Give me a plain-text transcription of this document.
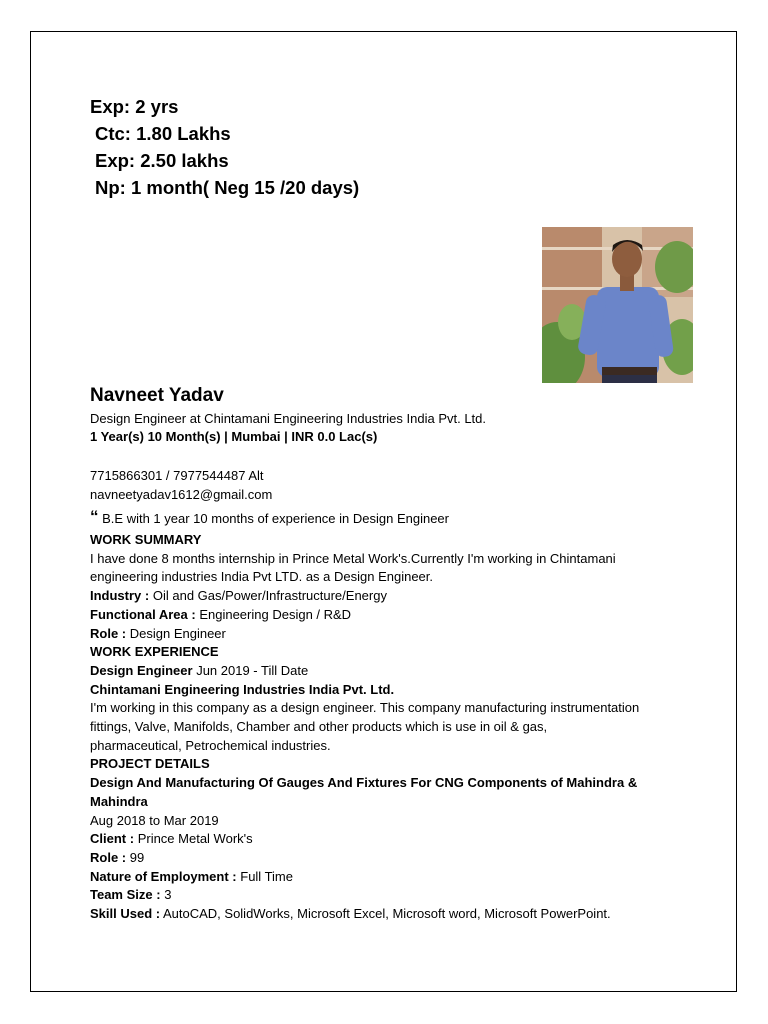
Exp: 2 yrs
Ctc: 1.80 Lakhs
Exp: 2.50 lakhs
Np: 1 month( Neg 15 /20 days)
Navneet Yadav
Design Engineer at Chintamani Engineering Industries India Pvt. Ltd.
1 Year(s) 10 Month(s) | Mumbai | INR 0.0 Lac(s)
7715866301 / 7977544487 Alt
navneetyadav1612@gmail.com
“ B.E with 1 year 10 months of experience in Design Engineer
WORK SUMMARY
I have done 8 months internship in Prince Metal Work's.Currently I'm working in Chintamani
engineering industries India Pvt LTD. as a Design Engineer.
Industry : Oil and Gas/Power/Infrastructure/Energy
Functional Area : Engineering Design / R&D
Role : Design Engineer
WORK EXPERIENCE
Design Engineer Jun 2019 - Till Date
Chintamani Engineering Industries India Pvt. Ltd.
I'm working in this company as a design engineer. This company manufacturing instrumentation
fittings, Valve, Manifolds, Chamber and other products which is use in oil & gas,
pharmaceutical, Petrochemical industries.
PROJECT DETAILS
Design And Manufacturing Of Gauges And Fixtures For CNG Components of Mahindra &
Mahindra
Aug 2018 to Mar 2019
Client : Prince Metal Work's
Role : 99
Nature of Employment : Full Time
Team Size : 3
Skill Used : AutoCAD, SolidWorks, Microsoft Excel, Microsoft word, Microsoft PowerPoint.
